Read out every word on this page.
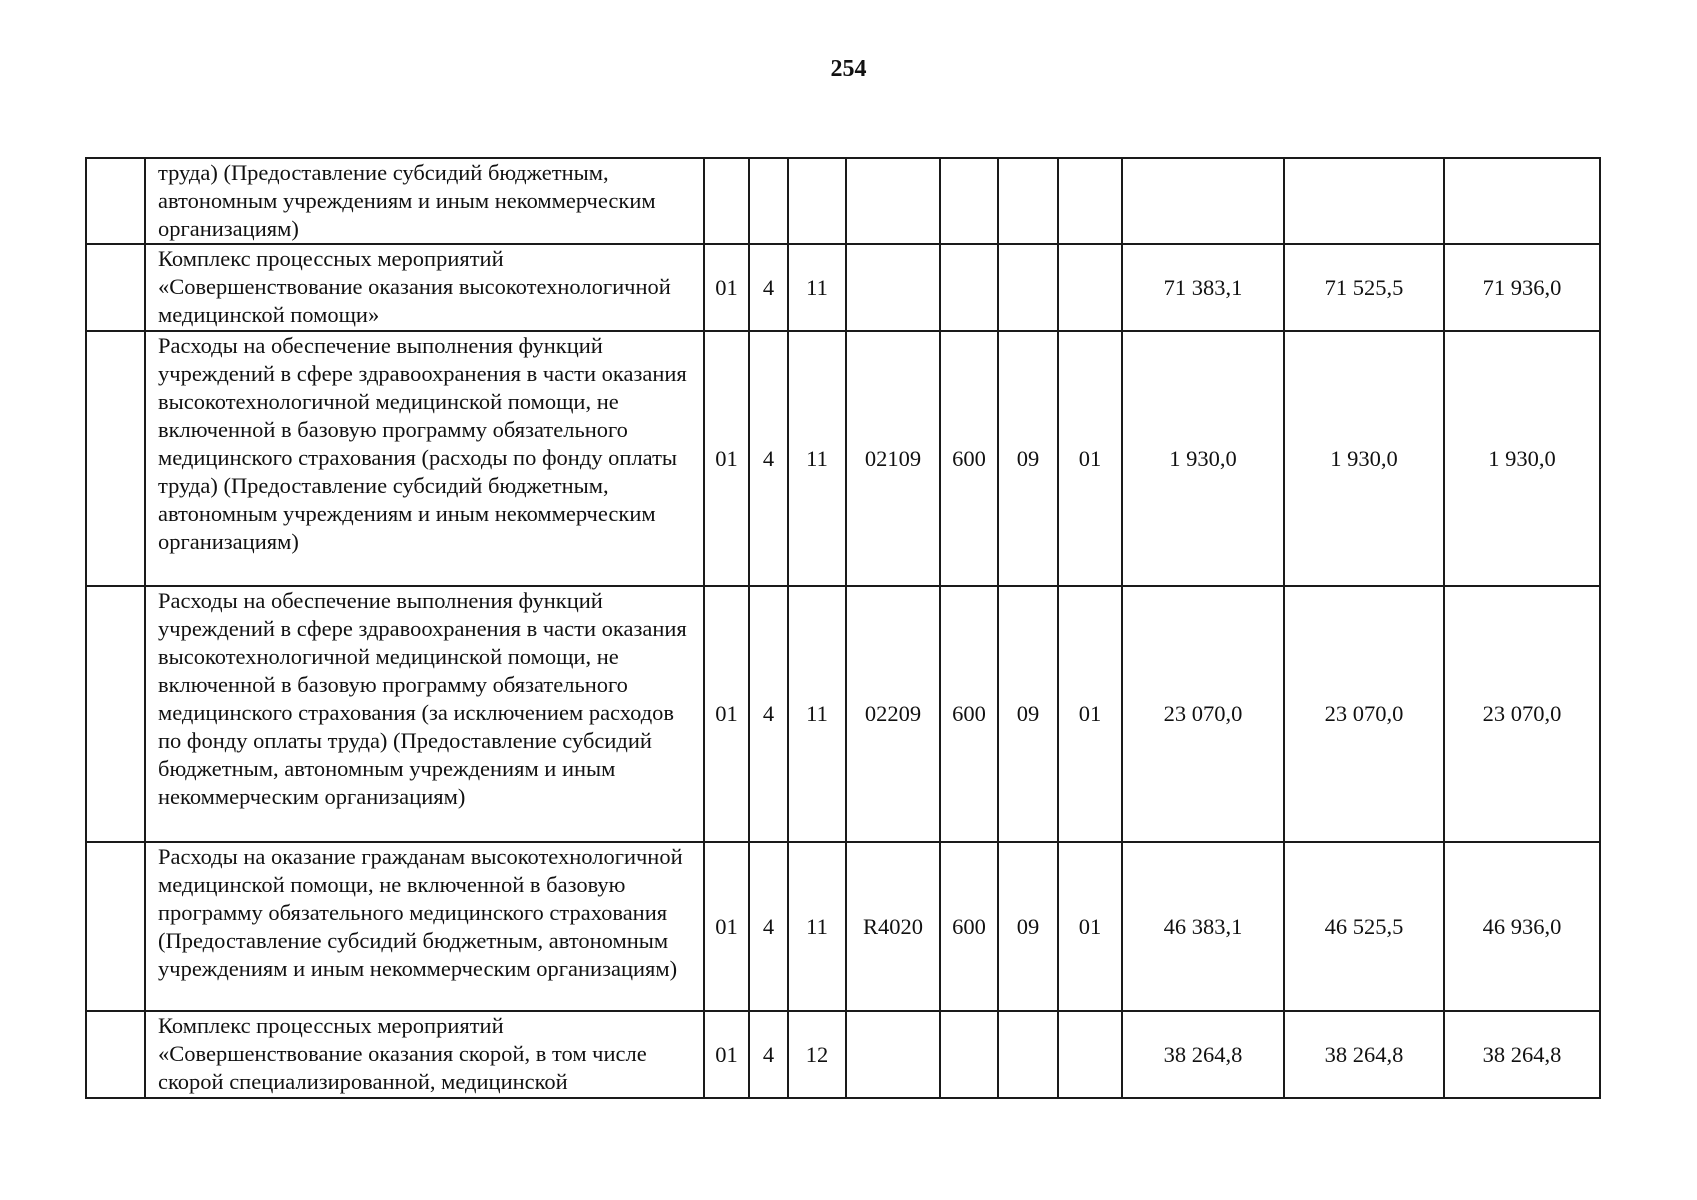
254
	труда) (Предоставление субсидий бюджетным, автономным учреждениям и иным некоммерческим организациям)										
	Комплекс процессных мероприятий «Совершенствование оказания высокотехнологичной медицинской помощи»	01	4	11					71 383,1	71 525,5	71 936,0
	Расходы на обеспечение выполнения функций учреждений в сфере здравоохранения в части оказания высокотехнологичной медицинской помощи, не включенной в базовую программу обязательного медицинского страхования (расходы по фонду оплаты труда) (Предоставление субсидий бюджетным, автономным учреждениям и иным некоммерческим организациям)	01	4	11	02109	600	09	01	1 930,0	1 930,0	1 930,0
	Расходы на обеспечение выполнения функций учреждений в сфере здравоохранения в части оказания высокотехнологичной медицинской помощи, не включенной в базовую программу обязательного медицинского страхования (за исключением расходов по фонду оплаты труда) (Предоставление субсидий бюджетным, автономным учреждениям и иным некоммерческим организациям)	01	4	11	02209	600	09	01	23 070,0	23 070,0	23 070,0
	Расходы на оказание гражданам высокотехнологичной медицинской помощи, не включенной в базовую программу обязательного медицинского страхования (Предоставление субсидий бюджетным, автономным учреждениям и иным некоммерческим организациям)	01	4	11	R4020	600	09	01	46 383,1	46 525,5	46 936,0
	Комплекс процессных мероприятий «Совершенствование оказания скорой, в том числе скорой специализированной, медицинской	01	4	12					38 264,8	38 264,8	38 264,8
